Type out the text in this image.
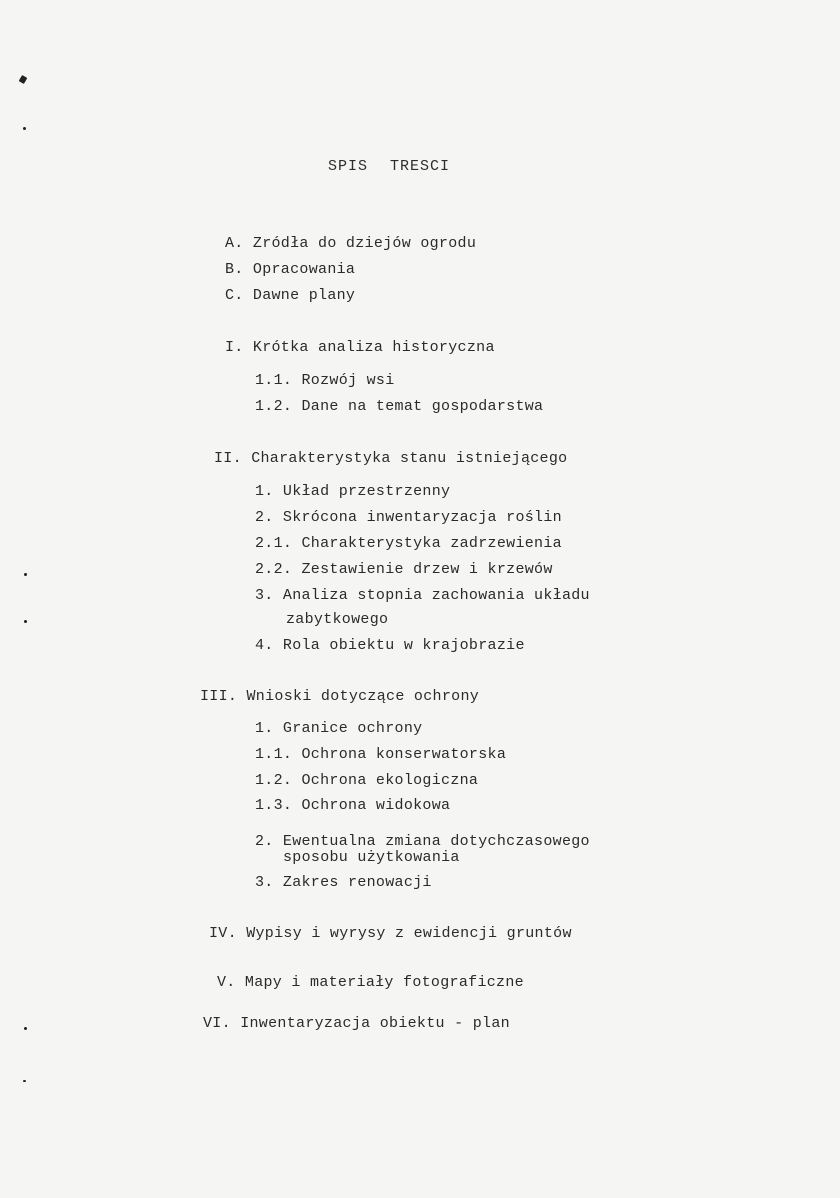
SPIS TRESCI
A. Zródła do dziejów ogrodu
B. Opracowania
C. Dawne plany
I. Krótka analiza historyczna
1.1. Rozwój wsi
1.2. Dane na temat gospodarstwa
II. Charakterystyka stanu istniejącego
1. Układ przestrzenny
2. Skrócona inwentaryzacja roślin
2.1. Charakterystyka zadrzewienia
2.2. Zestawienie drzew i krzewów
3. Analiza stopnia zachowania układu
zabytkowego
4. Rola obiektu w krajobrazie
III. Wnioski dotyczące ochrony
1. Granice ochrony
1.1. Ochrona konserwatorska
1.2. Ochrona ekologiczna
1.3. Ochrona widokowa
2. Ewentualna zmiana dotychczasowego
sposobu użytkowania
3. Zakres renowacji
IV. Wypisy i wyrysy z ewidencji gruntów
V. Mapy i materiały fotograficzne
VI. Inwentaryzacja obiektu - plan
